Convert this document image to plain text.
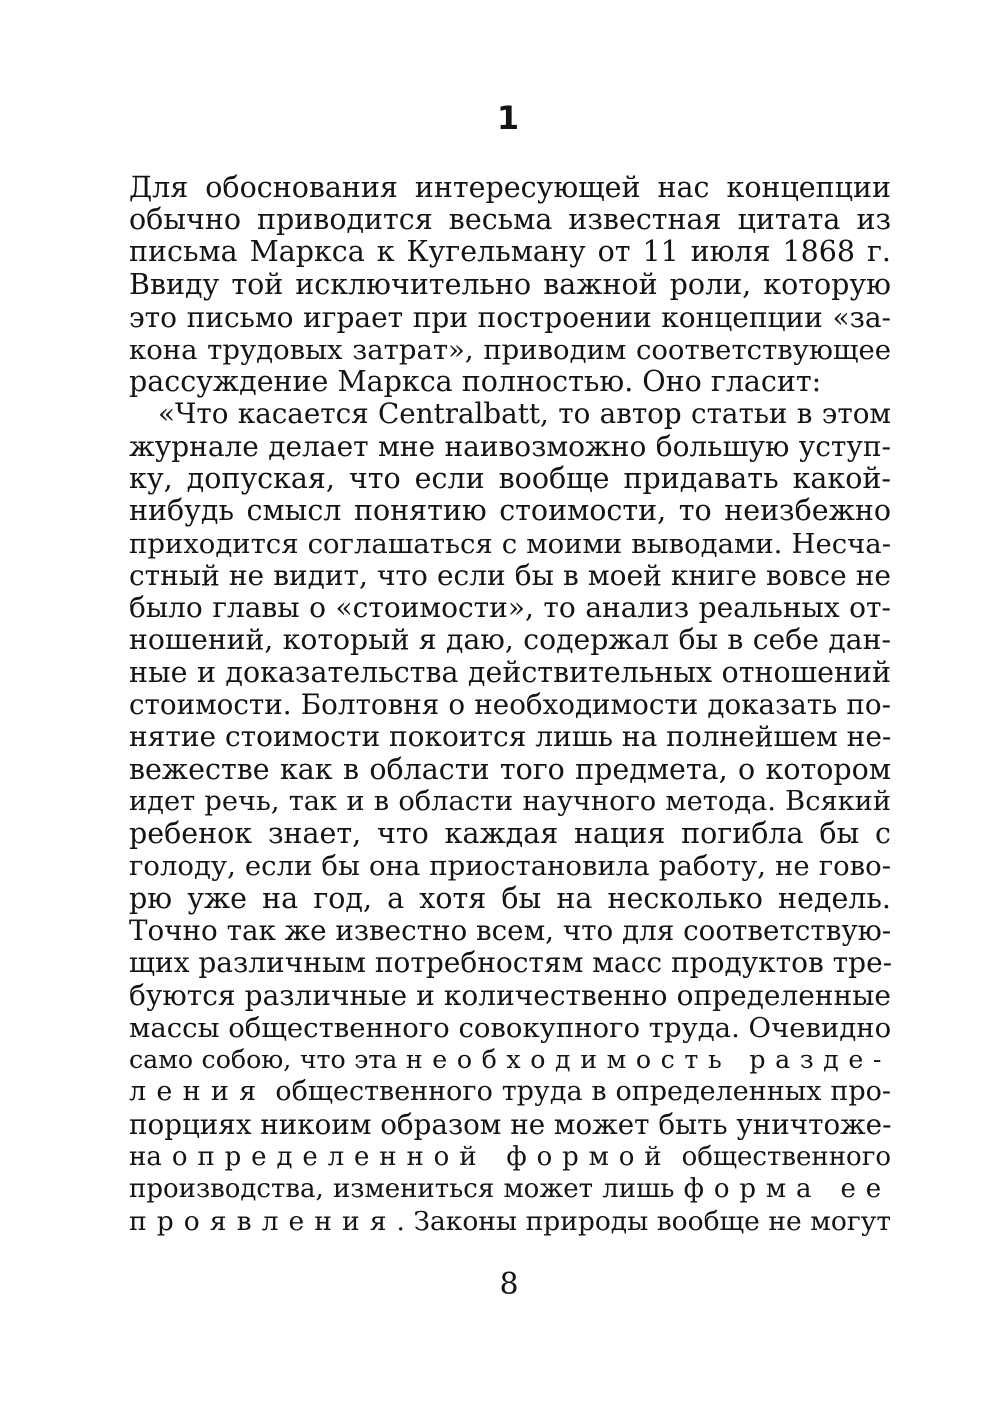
1

Для обоснования интересующей нас концепции

обычно приводится весьма известная цитата из

письма Маркса к Кугельману от 11 июля 1868 г.

Ввиду той исключительно важной роли, которую

это письмо играет при построении концепции «за-

кона трудовых затрат», приводим соответствующее

рассуждение Маркса полностью. Оно гласит:

«Что касается Centralbatt, то автор статьи в этом

журнале делает мне наивозможно большую уступ-

ку, допуская, что если вообще придавать какой-

нибудь смысл понятию стоимости, то неизбежно

приходится соглашаться с моими выводами. Несча-

стный не видит, что если бы в моей книге вовсе не

было главы о «стоимости», то анализ реальных от-

ношений, который я даю, содержал бы в себе дан-

ные и доказательства действительных отношений

стоимости. Болтовня о необходимости доказать по-

нятие стоимости покоится лишь на полнейшем не-

вежестве как в области того предмета, о котором

идет речь, так и в области научного метода. Всякий

ребенок знает, что каждая нация погибла бы с

голоду, если бы она приостановила работу, не гово-

рю уже на год, а хотя бы на несколько недель.

Точно так же известно всем, что для соответствую-

щих различным потребностям масс продуктов тре-

буются различные и количественно определенные

массы общественного совокупного труда. Очевидно

само собою, что эта необходимость разде-

ления общественного труда в определенных про-

порциях никоим образом не может быть уничтоже-

на определенной формой общественного

производства, измениться может лишь форма ее

проявления. Законы природы вообще не могут

8
